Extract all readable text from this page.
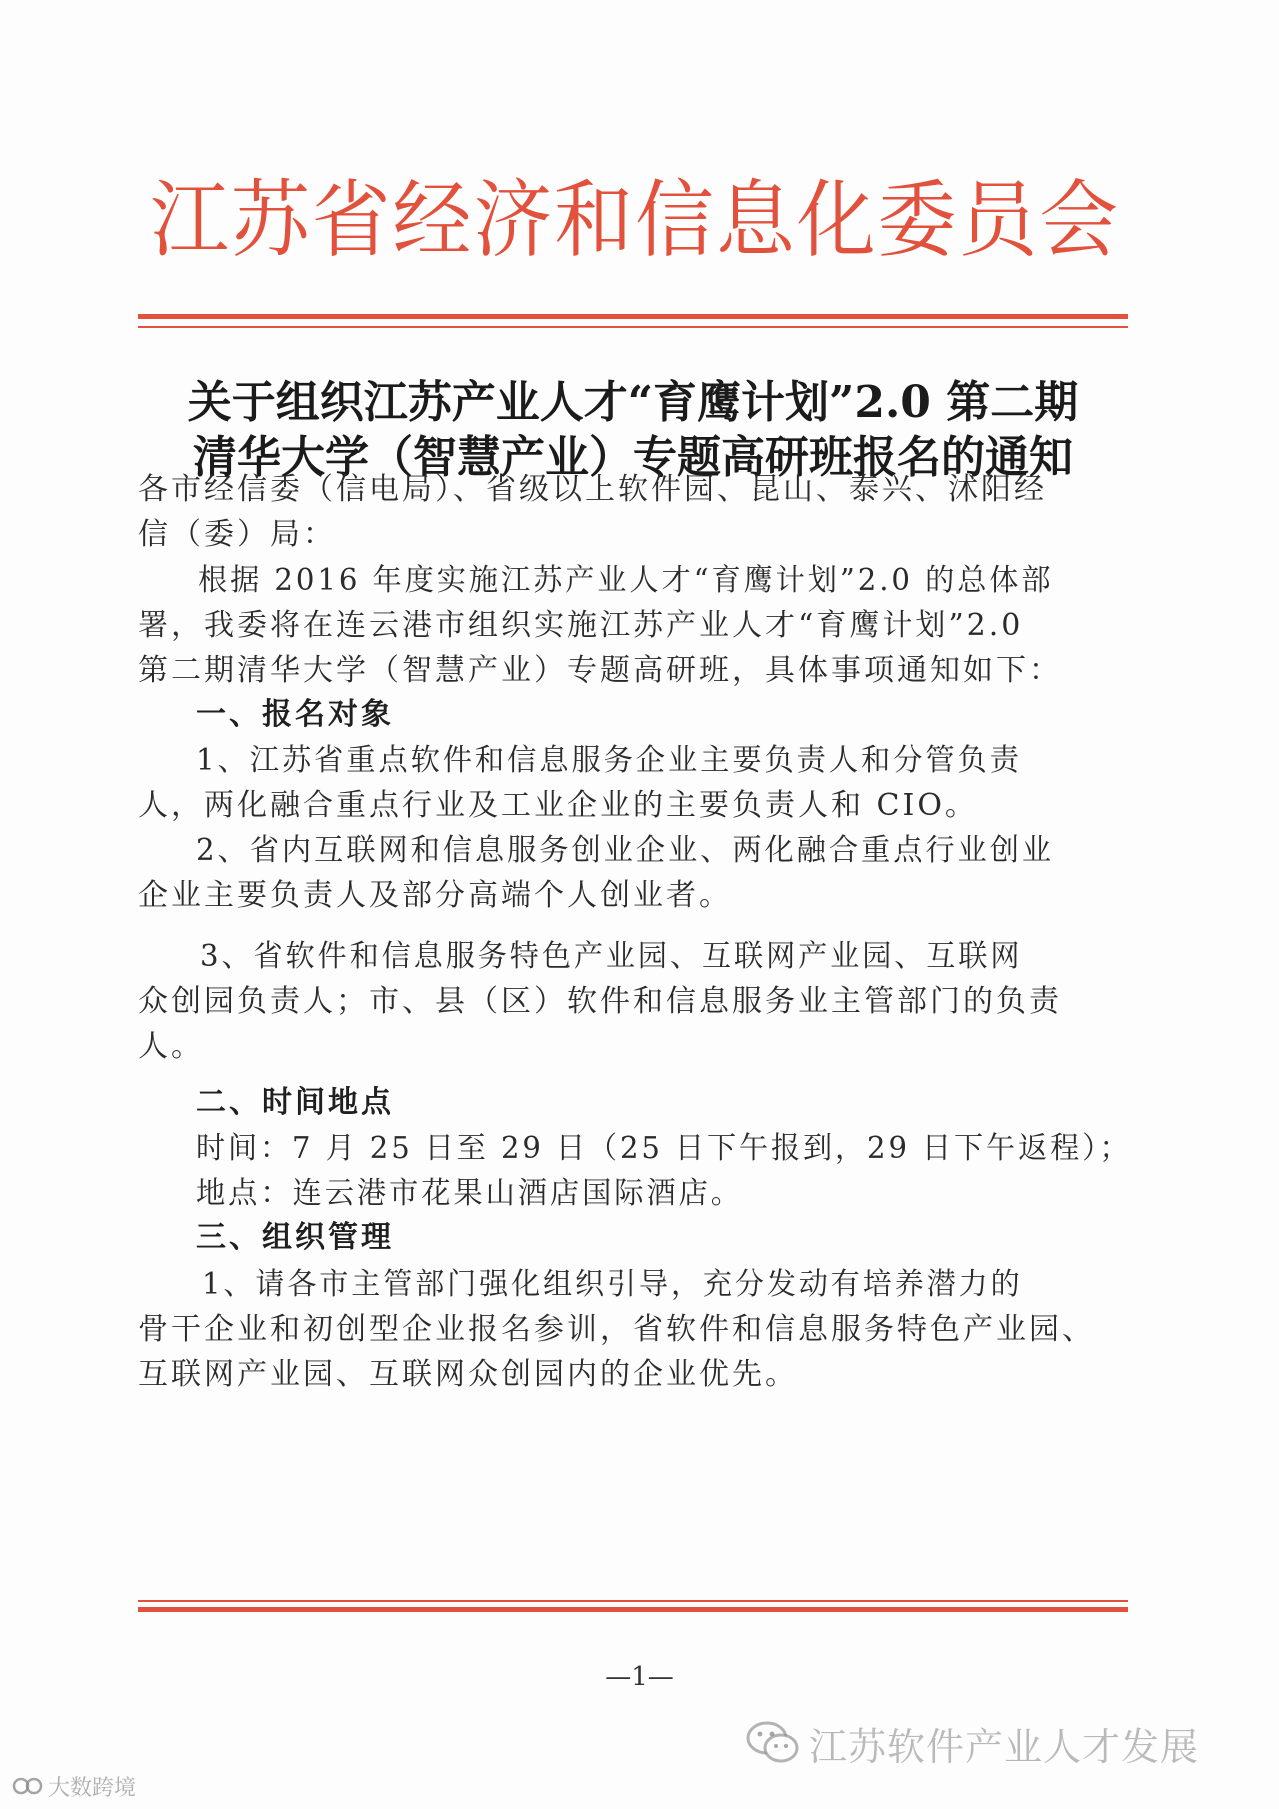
江苏省经济和信息化委员会
关于组织江苏产业人才“育鹰计划”2.0 第二期
清华大学（智慧产业）专题高研班报名的通知
各市经信委（信电局）、省级以上软件园、昆山、泰兴、沭阳经
信（委）局：
根据 2016 年度实施江苏产业人才“育鹰计划”2.0 的总体部
署，我委将在连云港市组织实施江苏产业人才“育鹰计划”2.0
第二期清华大学（智慧产业）专题高研班，具体事项通知如下：
一、报名对象
1、江苏省重点软件和信息服务企业主要负责人和分管负责
人，两化融合重点行业及工业企业的主要负责人和 CIO。
2、省内互联网和信息服务创业企业、两化融合重点行业创业
企业主要负责人及部分高端个人创业者。
3、省软件和信息服务特色产业园、互联网产业园、互联网
众创园负责人；市、县（区）软件和信息服务业主管部门的负责
人。
二、时间地点
时间：7 月 25 日至 29 日（25 日下午报到，29 日下午返程）；
地点：连云港市花果山酒店国际酒店。
三、组织管理
1、请各市主管部门强化组织引导，充分发动有培养潜力的
骨干企业和初创型企业报名参训，省软件和信息服务特色产业园、
互联网产业园、互联网众创园内的企业优先。
—1—
江苏软件产业人才发展
大数跨境
